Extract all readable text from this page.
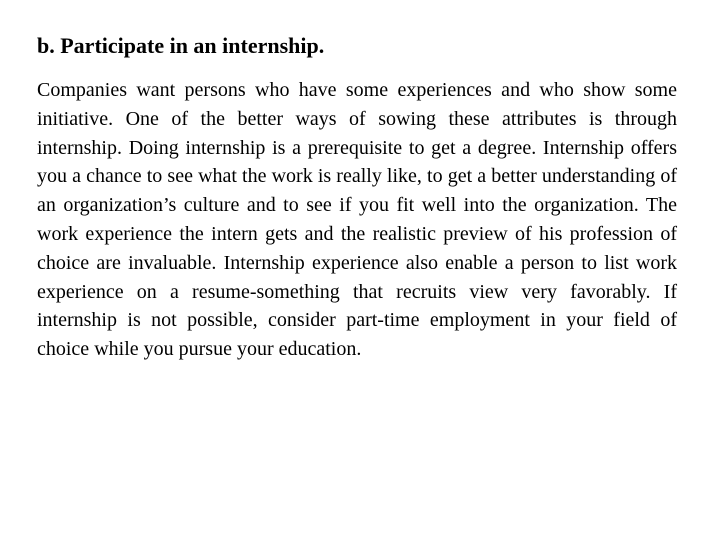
b. Participate in an internship.

Companies want persons who have some experiences and who show some initiative. One of the better ways of sowing these attributes is through internship. Doing internship is a prerequisite to get a degree. Internship offers you a chance to see what the work is really like, to get a better understanding of an organization’s culture and to see if you fit well into the organization. The work experience the intern gets and the realistic preview of his profession of choice are invaluable. Internship experience also enable a person to list work experience on a resume-something that recruits view very favorably. If internship is not possible, consider part-time employment in your field of choice while you pursue your education.
